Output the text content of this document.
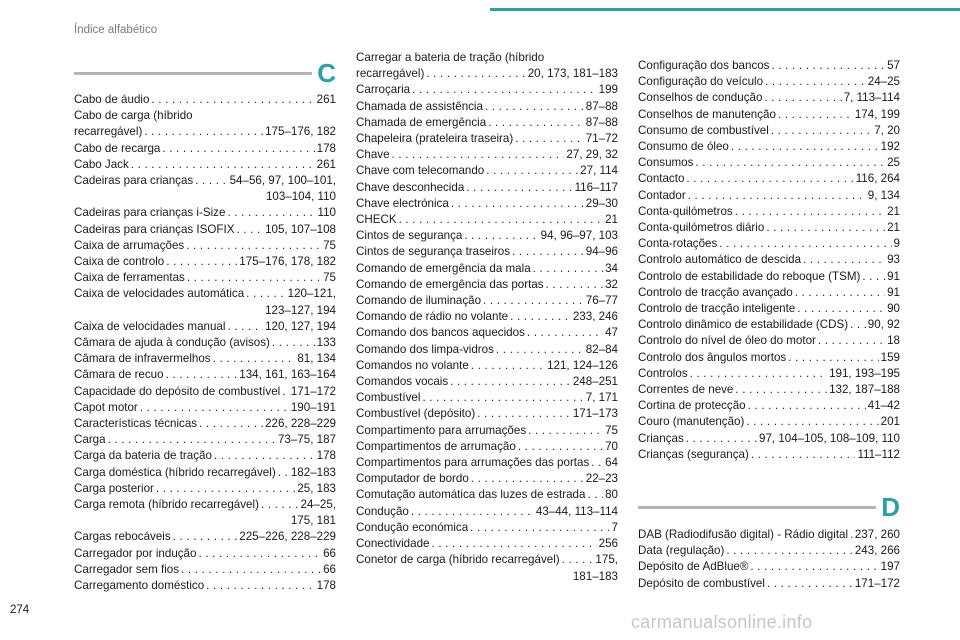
Índice alfabético
C
Cabo de áudio . . .	261
Cabo de carga (híbrido
recarregável) . . .	175–176, 182
Cabo de recarga . . .	178
Cabo Jack . . .	261
Cadeiras para crianças . . .	54–56, 97, 100–101,
103–104, 110
Cadeiras para crianças i-Size . . .	110
Cadeiras para crianças ISOFIX . . .	105, 107–108
Caixa de arrumações . . .	75
Caixa de controlo . . .	175–176, 178, 182
Caixa de ferramentas . . .	75
Caixa de velocidades automática . . .	120–121,
123–127, 194
Caixa de velocidades manual . . .	120, 127, 194
Câmara de ajuda à condução (avisos) . . .	133
Câmara de infravermelhos . . .	81, 134
Câmara de recuo . . .	134, 161, 163–164
Capacidade do depósito de combustível . . . 171–172
Capot motor . . .	190–191
Características técnicas . . .	226, 228–229
Carga . . .	73–75, 187
Carga da bateria de tração . . .	178
Carga doméstica (híbrido recarregável) . . . 182–183
Carga posterior . . .	25, 183
Carga remota (híbrido recarregável) . . .	24–25,
175, 181
Cargas rebocáveis . . .	225–226, 228–229
Carregador por indução . . .	66
Carregador sem fios . . .	66
Carregamento doméstico . . .	178
Carregar a bateria de tração (híbrido
recarregável) . . .	20, 173, 181–183
Carroçaria . . .	199
Chamada de assistência . . .	87–88
Chamada de emergência . . .	87–88
Chapeleira (prateleira traseira) . . .	71–72
Chave . . .	27, 29, 32
Chave com telecomando . . .	27, 114
Chave desconhecida . . .	116–117
Chave electrónica . . .	29–30
CHECK . . .	21
Cintos de segurança . . .	94, 96–97, 103
Cintos de segurança traseiros . . .	94–96
Comando de emergência da mala . . .	34
Comando de emergência das portas . . .	32
Comando de iluminação . . .	76–77
Comando de rádio no volante . . .	233, 246
Comando dos bancos aquecidos . . .	47
Comando dos limpa-vidros . . .	82–84
Comandos no volante . . .	121, 124–126
Comandos vocais . . .	248–251
Combustível . . .	7, 171
Combustível (depósito) . . .	171–173
Compartimento para arrumações . . .	75
Compartimentos de arrumação . . .	70
Compartimentos para arrumações das portas . . . 64
Computador de bordo . . .	22–23
Comutação automática das luzes de estrada . . . 80
Condução . . .	43–44, 113–114
Condução económica . . .	7
Conectividade . . .	256
Conetor de carga (híbrido recarregável) . . .	175,
181–183
Configuração dos bancos . . .	57
Configuração do veículo . . .	24–25
Conselhos de condução . . .	7, 113–114
Conselhos de manutenção . . .	174, 199
Consumo de combustível . . .	7, 20
Consumo de óleo . . .	192
Consumos . . .	25
Contacto . . .	116, 264
Contador . . .	9, 134
Conta-quilómetros . . .	21
Conta-quilómetros diário . . .	21
Conta-rotações . . .	9
Controlo automático de descida . . .	93
Controlo de estabilidade do reboque (TSM) . . . 91
Controlo de tracção avançado . . .	91
Controlo de tracção inteligente . . .	90
Controlo dinâmico de estabilidade (CDS) . . . 90, 92
Controlo do nível de óleo do motor . . .	18
Controlo dos ângulos mortos . . .	159
Controlos . . .	191, 193–195
Correntes de neve . . .	132, 187–188
Cortina de protecção . . .	41–42
Couro (manutenção) . . .	201
Crianças . . .	97, 104–105, 108–109, 110
Crianças (segurança) . . .	111–112
D
DAB (Radiodifusão digital) - Rádio digital . . . 237, 260
Data (regulação) . . .	243, 266
Depósito de AdBlue® . . .	197
Depósito de combustível . . .	171–172
274
carmanualsonline.info
